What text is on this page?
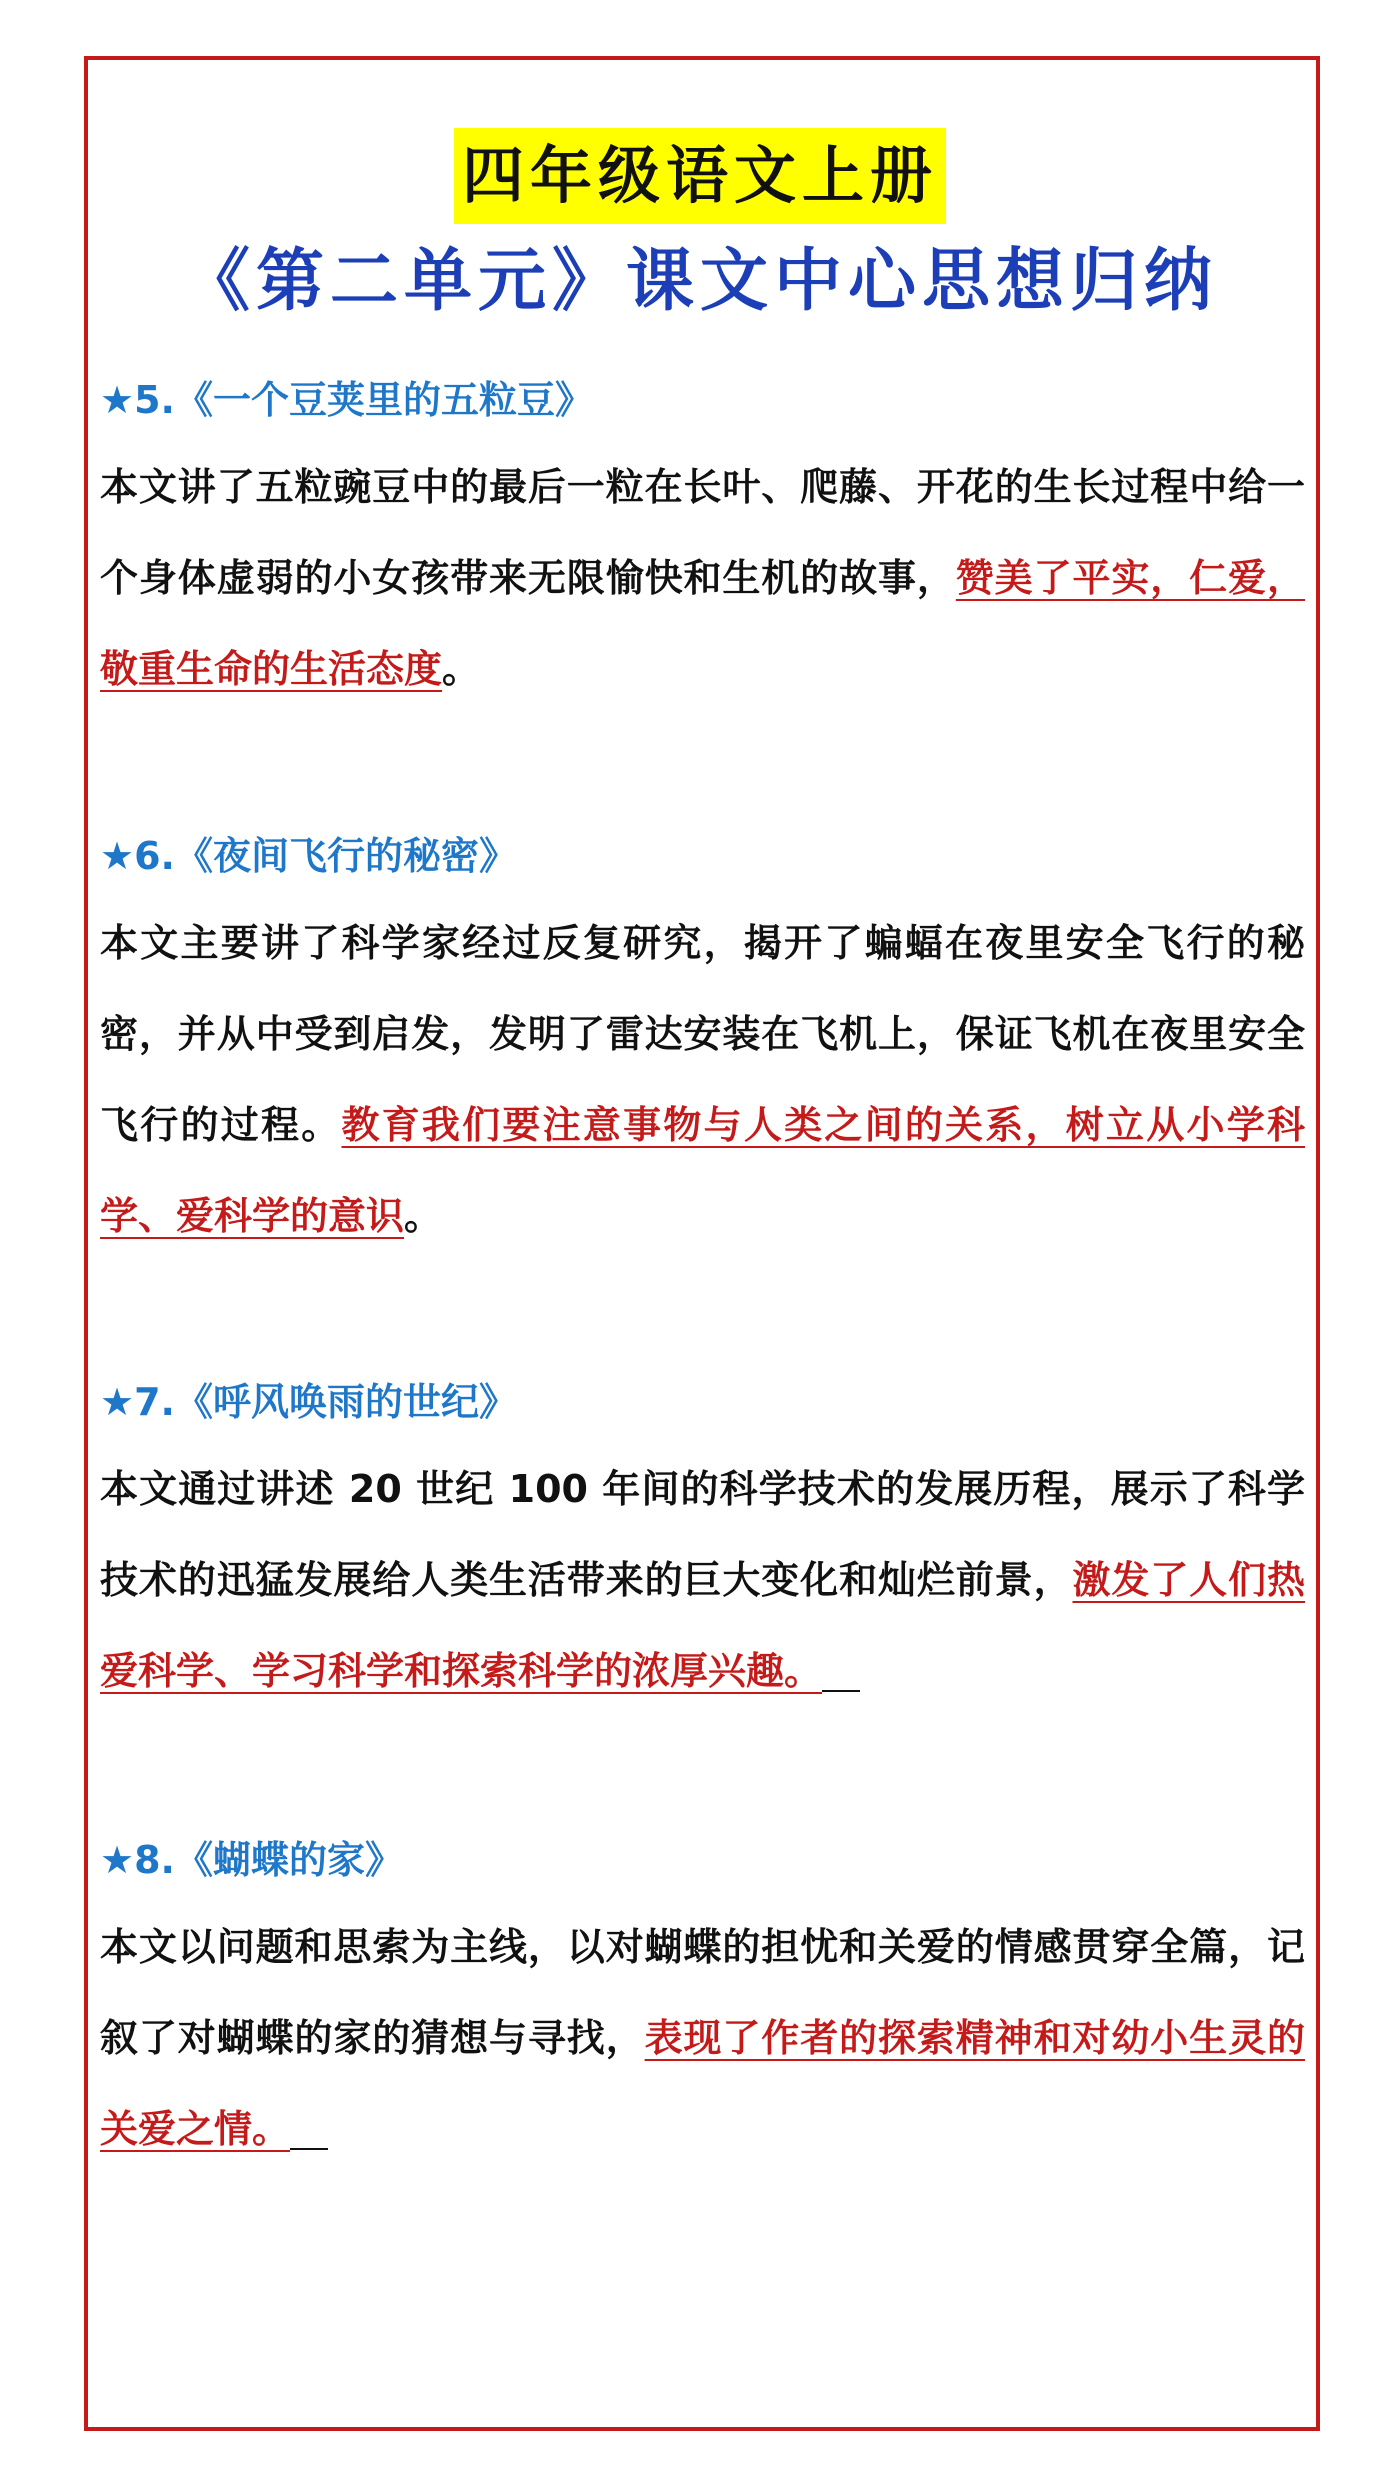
四年级语文上册
《第二单元》课文中心思想归纳
★5.《一个豆荚里的五粒豆》

本文讲了五粒豌豆中的最后一粒在长叶、爬藤、开花的生长过程中给一个身体虚弱的小女孩带来无限愉快和生机的故事，赞美了平实，仁爱，敬重生命的生活态度。

★6.《夜间飞行的秘密》

本文主要讲了科学家经过反复研究，揭开了蝙蝠在夜里安全飞行的秘密，并从中受到启发，发明了雷达安装在飞机上，保证飞机在夜里安全飞行的过程。教育我们要注意事物与人类之间的关系，树立从小学科学、爱科学的意识。

★7.《呼风唤雨的世纪》

本文通过讲述 20 世纪 100 年间的科学技术的发展历程，展示了科学技术的迅猛发展给人类生活带来的巨大变化和灿烂前景，激发了人们热爱科学、学习科学和探索科学的浓厚兴趣。

★8.《蝴蝶的家》

本文以问题和思索为主线，以对蝴蝶的担忧和关爱的情感贯穿全篇，记叙了对蝴蝶的家的猜想与寻找，表现了作者的探索精神和对幼小生灵的关爱之情。
